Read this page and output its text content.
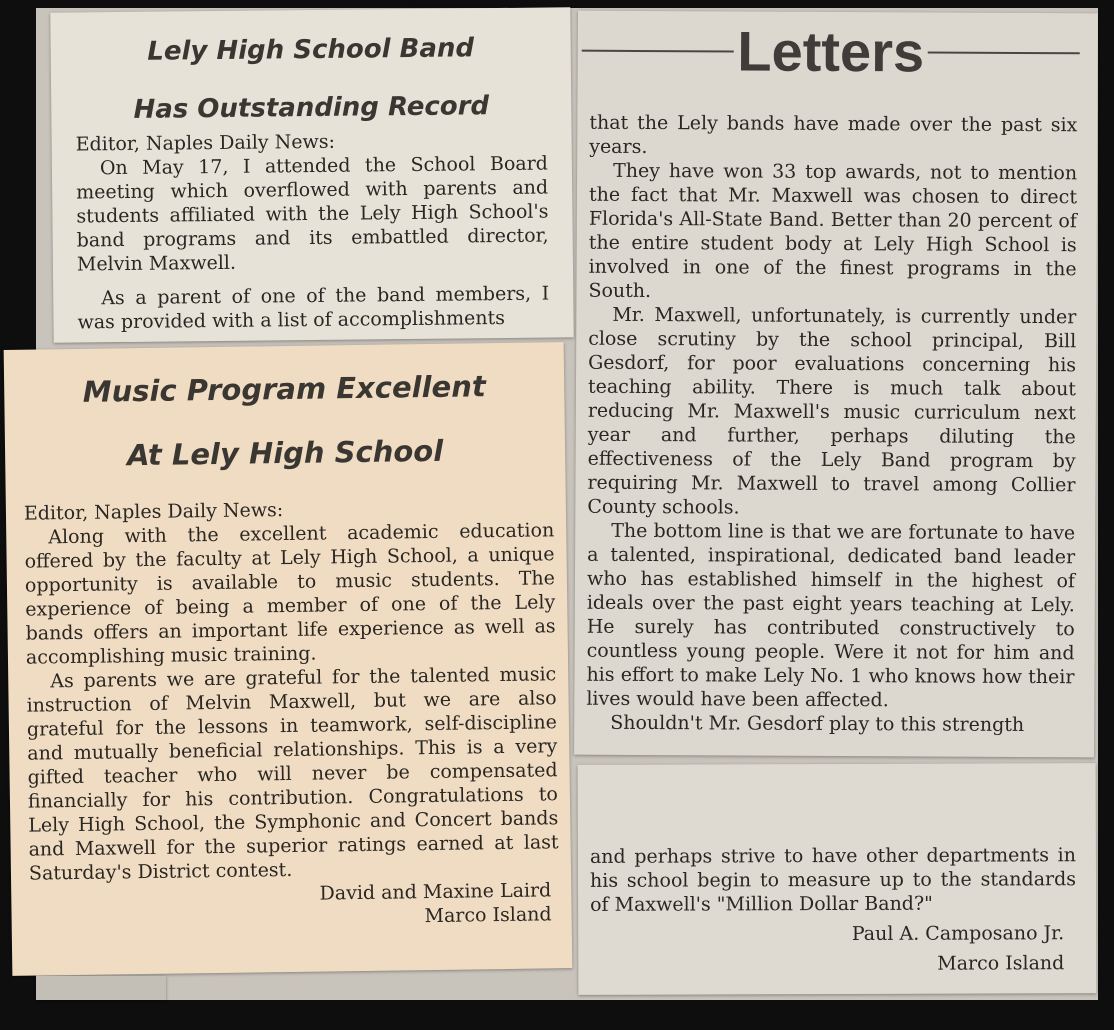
Lely High School Band

Has Outstanding Record

Editor, Naples Daily News:

On May 17, I attended the School Board meeting which overflowed with parents and students affiliated with the Lely High School's band programs and its embattled director, Melvin Maxwell.

As a parent of one of the band members, I was provided with a list of accomplishments

Letters

that the Lely bands have made over the past six years.

They have won 33 top awards, not to mention the fact that Mr. Maxwell was chosen to direct Florida's All-State Band. Better than 20 percent of the entire student body at Lely High School is involved in one of the finest programs in the South.

Mr. Maxwell, unfortunately, is currently under close scrutiny by the school principal, Bill Gesdorf, for poor evaluations concerning his teaching ability. There is much talk about reducing Mr. Maxwell's music curriculum next year and further, perhaps diluting the effectiveness of the Lely Band program by requiring Mr. Maxwell to travel among Collier County schools.

The bottom line is that we are fortunate to have a talented, inspirational, dedicated band leader who has established himself in the highest of ideals over the past eight years teaching at Lely. He surely has contributed constructively to countless young people. Were it not for him and his effort to make Lely No. 1 who knows how their lives would have been affected.

Shouldn't Mr. Gesdorf play to this strength

and perhaps strive to have other departments in his school begin to measure up to the standards of Maxwell's "Million Dollar Band?"

Paul A. Camposano Jr.

Marco Island

Music Program Excellent

At Lely High School

Editor, Naples Daily News:

Along with the excellent academic education offered by the faculty at Lely High School, a unique opportunity is available to music students. The experience of being a member of one of the Lely bands offers an important life experience as well as accomplishing music training.

As parents we are grateful for the talented music instruction of Melvin Maxwell, but we are also grateful for the lessons in teamwork, self-discipline and mutually beneficial relationships. This is a very gifted teacher who will never be compensated financially for his contribution. Congratulations to Lely High School, the Symphonic and Concert bands and Maxwell for the superior ratings earned at last Saturday's District contest.

David and Maxine Laird

Marco Island
